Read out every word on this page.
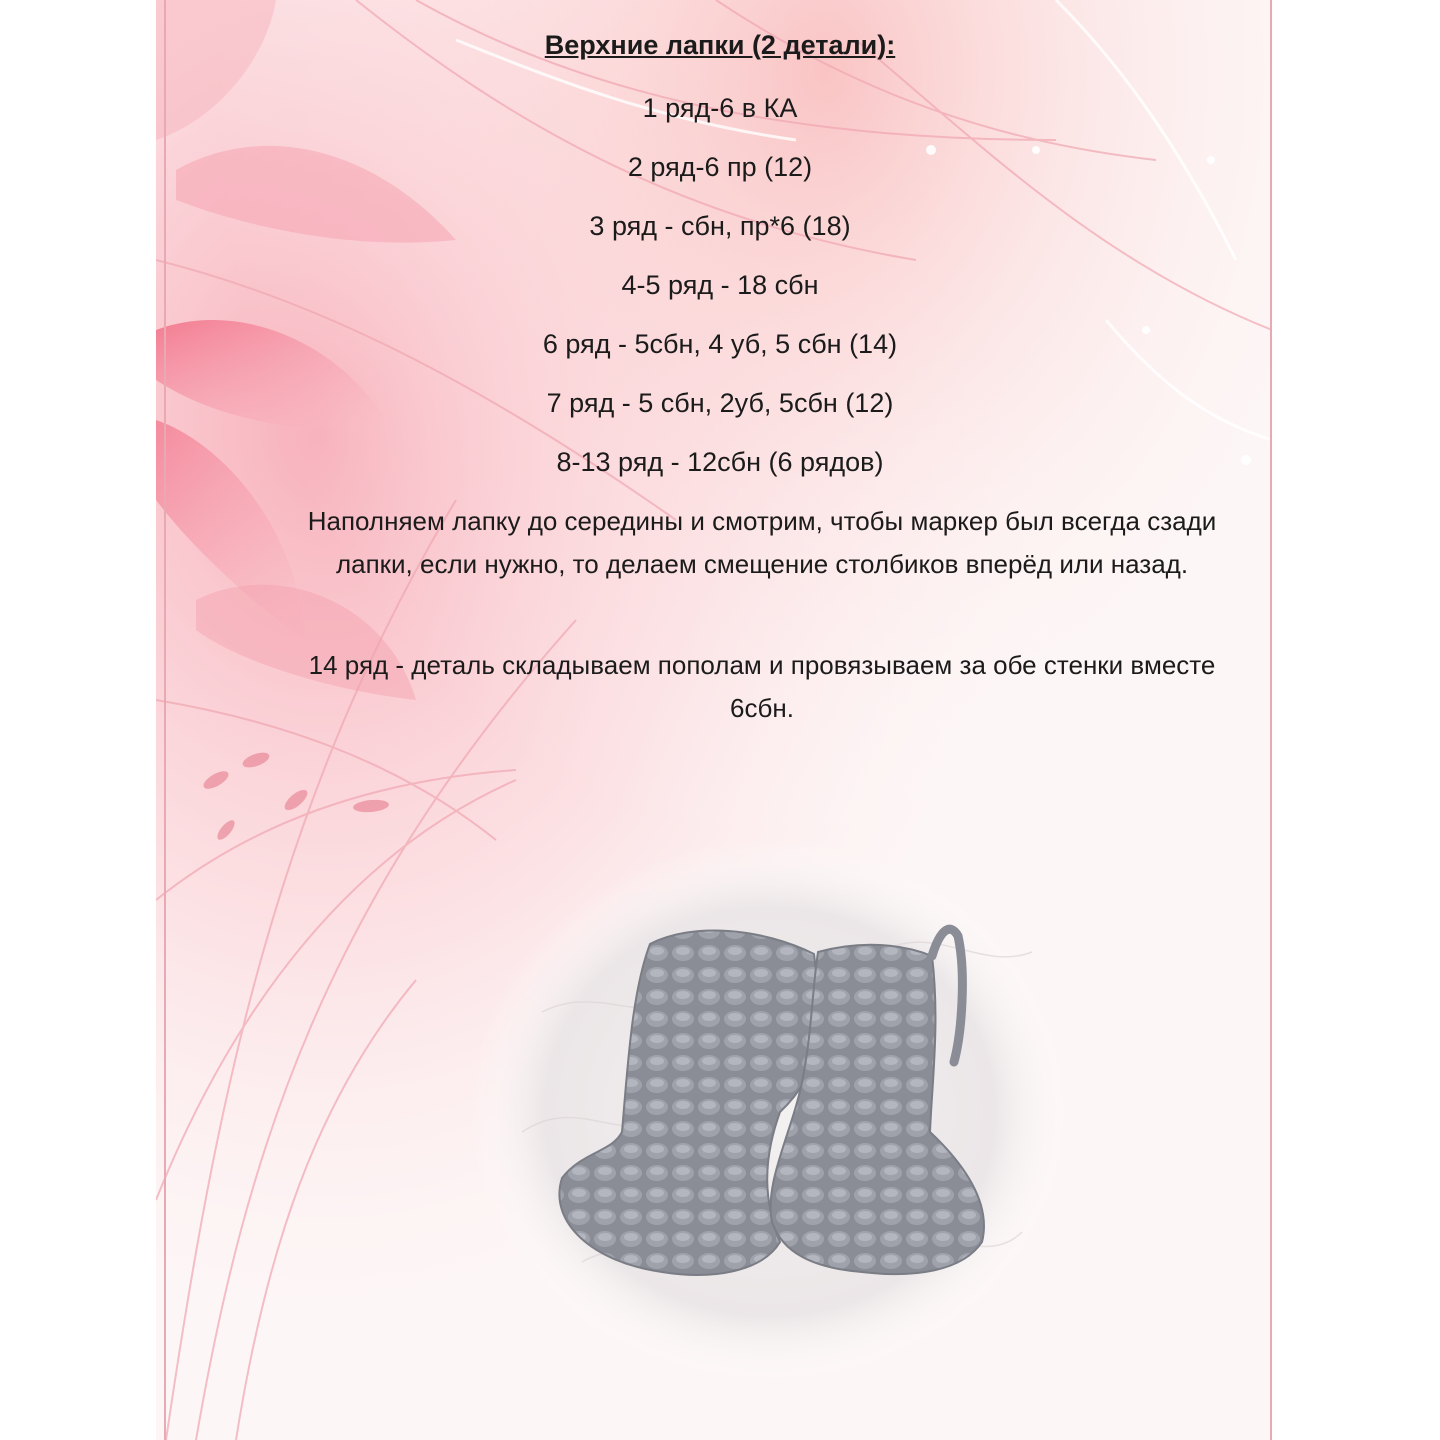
Верхние лапки (2 детали):
1 ряд-6 в КА
2 ряд-6 пр (12)
3 ряд - сбн, пр*6 (18)
4-5 ряд - 18 сбн
6 ряд - 5сбн, 4 уб, 5 сбн (14)
7 ряд - 5 сбн, 2уб, 5сбн (12)
8-13 ряд - 12сбн (6 рядов)
Наполняем лапку до середины и смотрим, чтобы маркер был всегда сзади лапки, если нужно, то делаем смещение столбиков вперёд или назад.
14 ряд - деталь складываем пополам и провязываем за обе стенки вместе 6сбн.
